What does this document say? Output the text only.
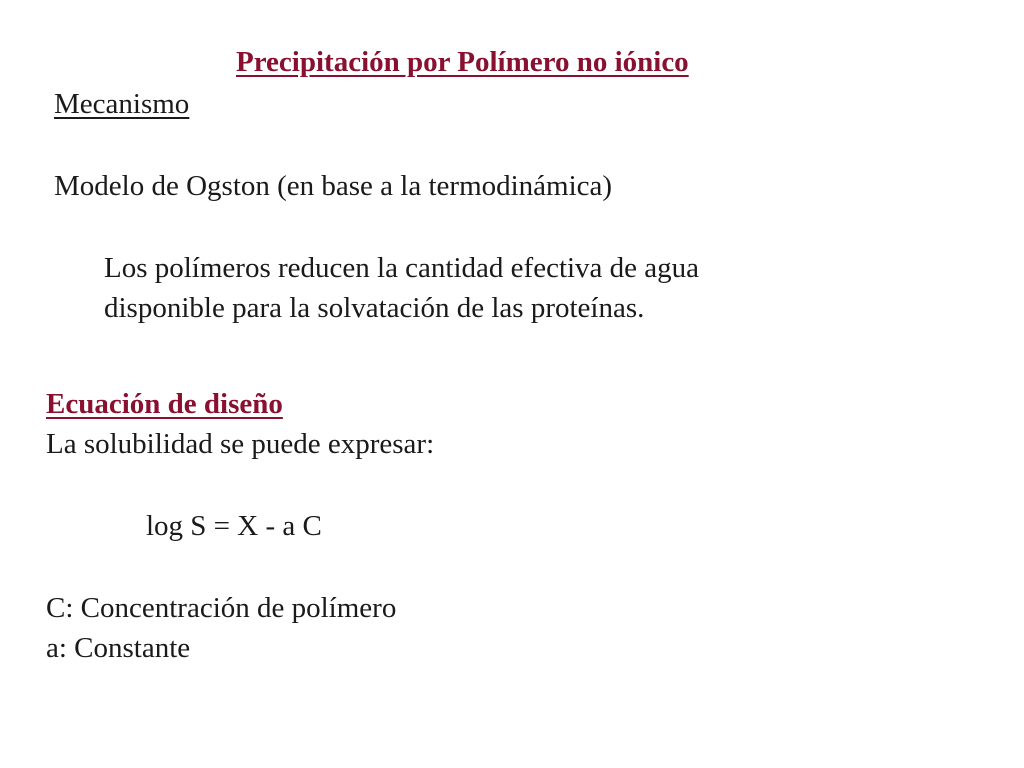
Precipitación por Polímero no iónico
Mecanismo
Modelo de Ogston (en base a la termodinámica)
Los polímeros reducen la cantidad efectiva de agua
disponible para la solvatación de las proteínas.
Ecuación de diseño
La solubilidad se puede expresar:
log S = X - a C
C: Concentración de polímero
a: Constante
